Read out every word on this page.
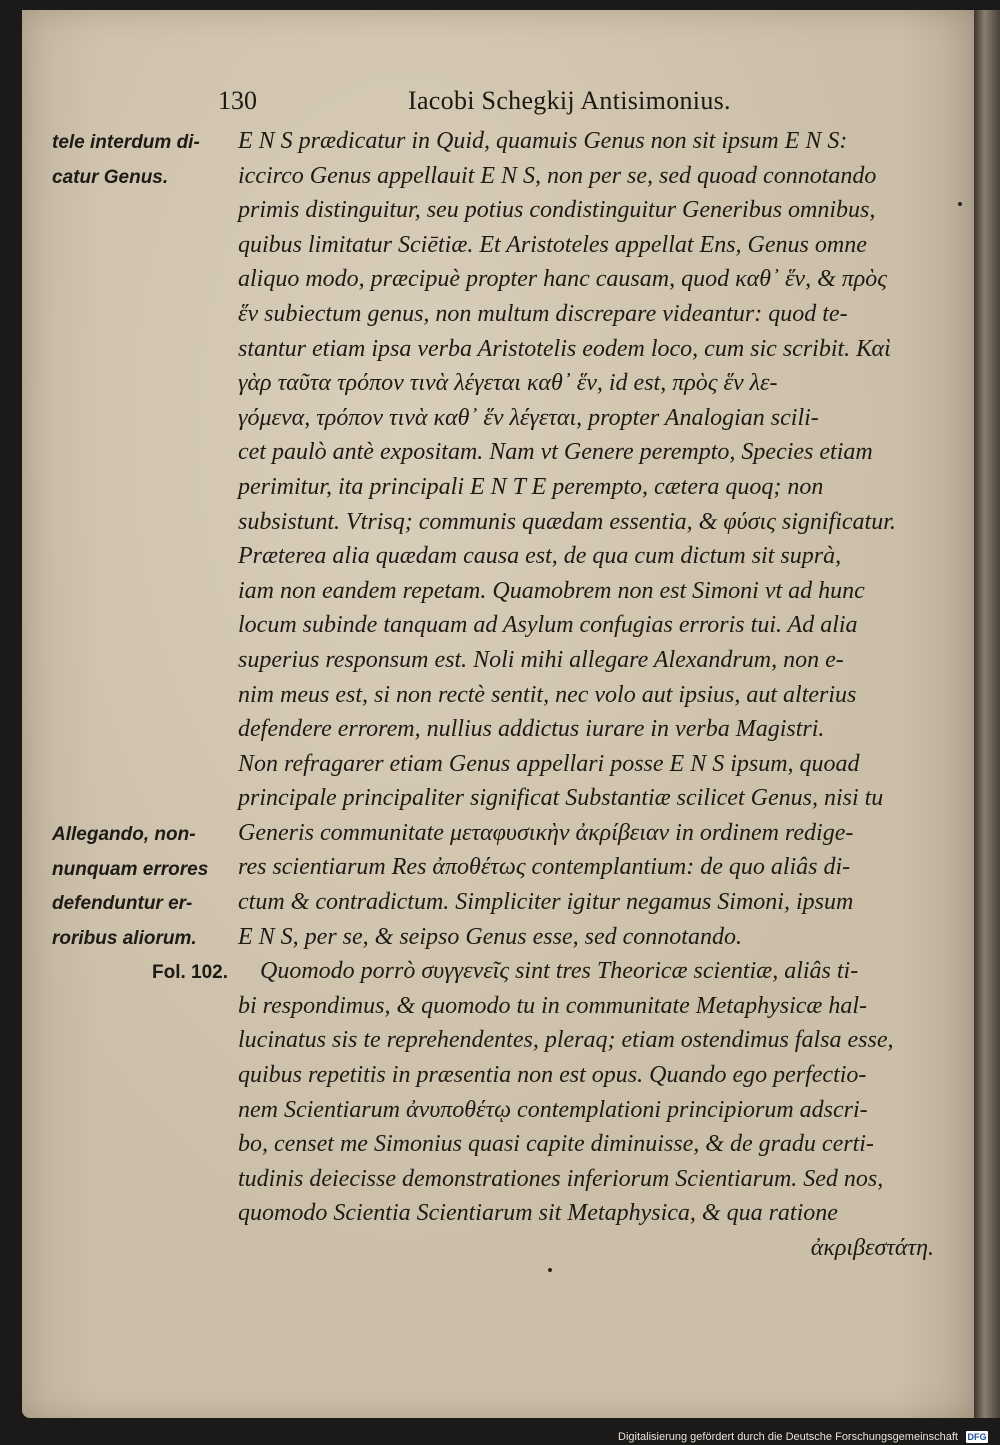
130	Iacobi Schegkij Antisimonius.
tele interdum di-
catur Genus.
Allegando, non-
nunquam errores
defenduntur er-
roribus aliorum.
Fol. 102.
E N S prædicatur in Quid, quamuis Genus non sit ipsum E N S:
iccirco Genus appellauit E N S, non per se, sed quoad connotando
primis distinguitur, seu potius condistinguitur Generibus omnibus,
quibus limitatur Sciētiæ. Et Aristoteles appellat Ens, Genus omne
aliquo modo, præcipuè propter hanc causam, quod καθ᾽ ἕν, & πρὸς
ἕν subiectum genus, non multum discrepare videantur: quod te-
stantur etiam ipsa verba Aristotelis eodem loco, cum sic scribit. Καὶ
γὰρ ταῦτα τρόπον τινὰ λέγεται καθ᾽ ἕν, id est, πρὸς ἕν λε-
γόμενα, τρόπον τινὰ καθ᾽ ἕν λέγεται, propter Analogian scili-
cet paulò antè expositam. Nam vt Genere perempto, Species etiam
perimitur, ita principali E N T E perempto, cætera quoq; non
subsistunt. Vtrisq; communis quædam essentia, & φύσις significatur.
Præterea alia quædam causa est, de qua cum dictum sit suprà,
iam non eandem repetam. Quamobrem non est Simoni vt ad hunc
locum subinde tanquam ad Asylum confugias erroris tui. Ad alia
superius responsum est. Noli mihi allegare Alexandrum, non e-
nim meus est, si non rectè sentit, nec volo aut ipsius, aut alterius
defendere errorem, nullius addictus iurare in verba Magistri.
Non refragarer etiam Genus appellari posse E N S ipsum, quoad
principale principaliter significat Substantiæ scilicet Genus, nisi tu
Generis communitate μεταφυσικὴν ἀκρίβειαν in ordinem redige-
res scientiarum Res ἀποθέτως contemplantium: de quo aliâs di-
ctum & contradictum. Simpliciter igitur negamus Simoni, ipsum
E N S, per se, & seipso Genus esse, sed connotando.
Quomodo porrò συγγενεῖς sint tres Theoricæ scientiæ, aliâs ti-
bi respondimus, & quomodo tu in communitate Metaphysicæ hal-
lucinatus sis te reprehendentes, pleraq; etiam ostendimus falsa esse,
quibus repetitis in præsentia non est opus. Quando ego perfectio-
nem Scientiarum ἀνυποθέτῳ contemplationi principiorum adscri-
bo, censet me Simonius quasi capite diminuisse, & de gradu certi-
tudinis deiecisse demonstrationes inferiorum Scientiarum. Sed nos,
quomodo Scientia Scientiarum sit Metaphysica, & qua ratione
ἀκριβεστάτη.
Digitalisierung gefördert durch die Deutsche Forschungsgemeinschaft DFG
